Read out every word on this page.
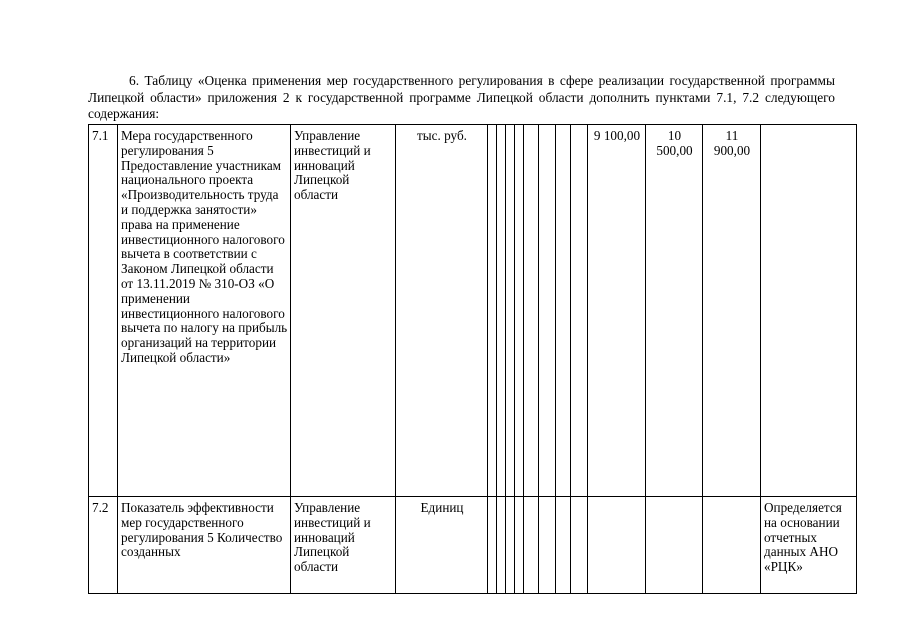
6. Таблицу «Оценка применения мер государственного регулирования в сфере реализации государственной программы Липецкой области» приложения 2 к государственной программе Липецкой области дополнить пунктами 7.1, 7.2 следующего содержания:

7.1	Мера государственного регулирования 5 Предоставление участникам национального проекта «Производительность труда и поддержка занятости» права на применение инвестиционного налогового вычета в соответствии с Законом Липецкой области от 13.11.2019 № 310-ОЗ «О применении инвестиционного налогового вычета по налогу на прибыль организаций на территории Липецкой области»	Управление инвестиций и инноваций Липецкой области	тыс. руб.									9 100,00	10 500,00	11 900,00	
7.2	Показатель эффективности мер государственного регулирования 5 Количество созданных	Управление инвестиций и инноваций Липецкой области	Единиц												Определяется на основании отчетных данных АНО «РЦК»
